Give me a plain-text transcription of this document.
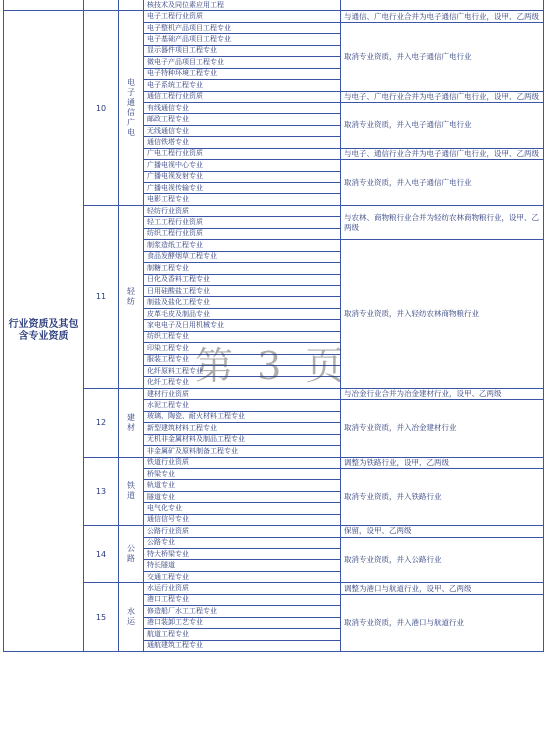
			核技术及同位素应用工程	
行业资质及其包含专业资质	10	电子通信广电	电子工程行业资质	与通信、广电行业合并为电子通信广电行业，设甲、乙两级
			电子整机产品项目工程专业	取消专业资质，并入电子通信广电行业
			电子基础产品项目工程专业	
			显示器件项目工程专业	
			微电子产品项目工程专业	
			电子特种环境工程专业	
			电子系统工程专业	
			通信工程行业资质	与电子、广电行业合并为电子通信广电行业，设甲、乙两级
			有线通信专业	取消专业资质，并入电子通信广电行业
			邮政工程专业	
			无线通信专业	
			通信铁塔专业	
			广电工程行业资质	与电子、通信行业合并为电子通信广电行业，设甲、乙两级
			广播电视中心专业	取消专业资质，并入电子通信广电行业
			广播电视发射专业	
			广播电视传输专业	
			电影工程专业	
	11	轻纺	轻纺行业资质	与农林、商物粮行业合并为轻纺农林商物粮行业，设甲、乙两级
			轻工工程行业资质	
			纺织工程行业资质	
			制浆造纸工程专业	取消专业资质，并入轻纺农林商物粮行业
			食品发酵烟草工程专业	
			制糖工程专业	
			日化及香料工程专业	
			日用硅酸盐工程专业	
			制盐及盐化工程专业	
			皮革毛皮及制品专业	
			家电电子及日用机械专业	
			纺织工程专业	
			印染工程专业	
			服装工程专业	
			化纤原料工程专业	
			化纤工程专业	
	12	建材	建材行业资质	与冶金行业合并为冶金建材行业，设甲、乙两级
			水泥工程专业	取消专业资质，并入冶金建材行业
			玻璃、陶瓷、耐火材料工程专业	
			新型建筑材料工程专业	
			无机非金属材料及制品工程专业	
			非金属矿及原料制备工程专业	
	13	铁道	铁道行业资质	调整为铁路行业，设甲、乙两级
			桥梁专业	取消专业资质，并入铁路行业
			轨道专业	
			隧道专业	
			电气化专业	
			通信信号专业	
	14	公路	公路行业资质	保留，设甲、乙两级
			公路专业	取消专业资质，并入公路行业
			特大桥梁专业	
			特长隧道	
			交通工程专业	
	15	水运	水运行业资质	调整为港口与航道行业，设甲、乙两级
			港口工程专业	取消专业资质，并入港口与航道行业
			修造船厂水工工程专业	
			港口装卸工艺专业	
			航道工程专业	
			通航建筑工程专业	
第 3 页
